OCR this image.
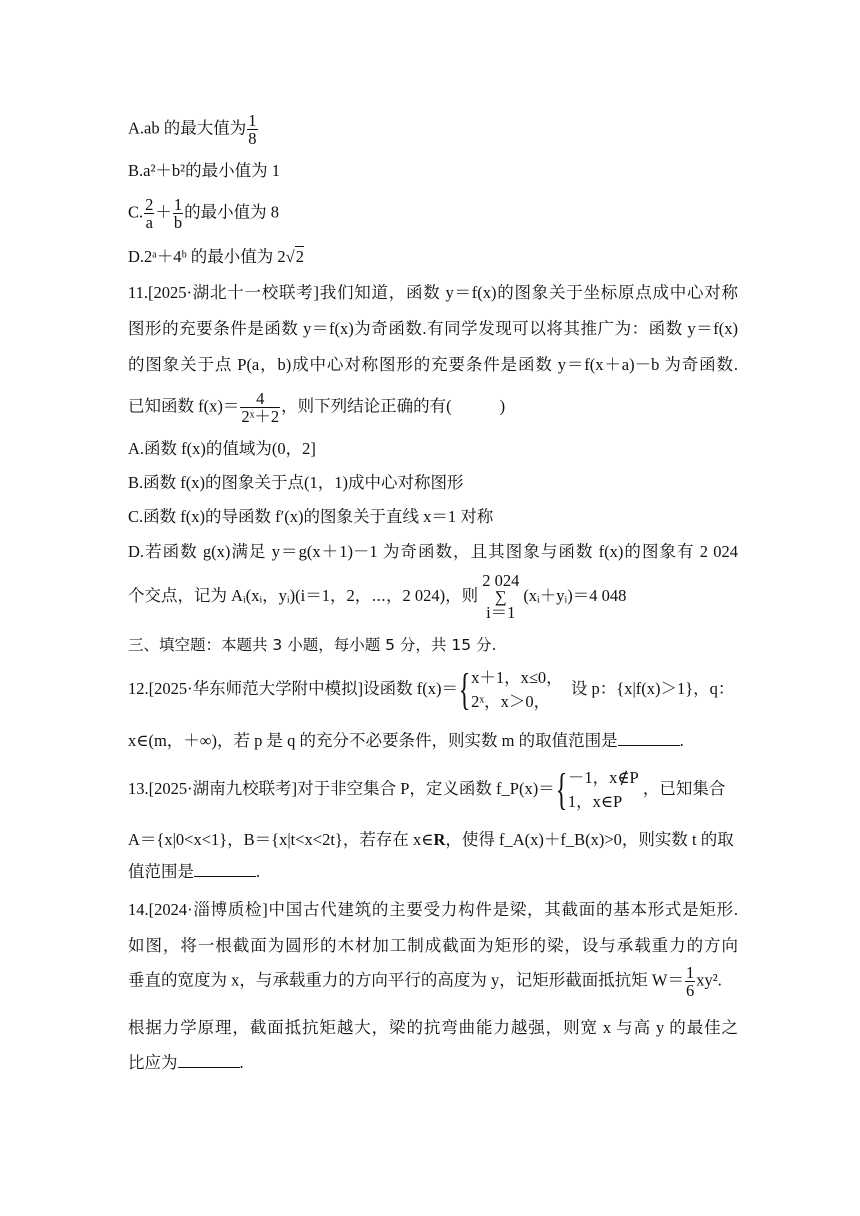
A.ab 的最大值为 $\frac{1}{8}$
B.a²＋b²的最小值为 1
C. $\frac{2}{a} + \frac{1}{b}$ 的最小值为 8
D.2ᵃ＋4ᵇ 的最小值为 2√2
11.[2025·湖北十一校联考]我们知道，函数 y＝f(x)的图象关于坐标原点成中心对称
图形的充要条件是函数 y＝f(x)为奇函数.有同学发现可以将其推广为：函数 y＝f(x)
的图象关于点 P(a，b)成中心对称图形的充要条件是函数 y＝f(x＋a)－b 为奇函数.
已知函数 $f(x)= \frac{4}{\text{2ˣ＋2}}$ ，则下列结论正确的有(	)
A.函数 f(x)的值域为(0，2]
B.函数 f(x)的图象关于点(1，1)成中心对称图形
C.函数 f(x)的导函数 f′(x)的图象关于直线 x＝1 对称
D.若函数 g(x)满足 y＝g(x＋1)－1 为奇函数，且其图象与函数 f(x)的图象有 2 024
个交点，记为 Aᵢ(xᵢ，yᵢ)(i＝1，2，⋯，2 024)，则
2 024
∑
i＝1
(xᵢ＋yᵢ)＝4 048
三、填空题：本题共 3 小题，每小题 5 分，共 15 分.
12.[2025·华东师范大学附中模拟]设函数 f(x)＝{ x＋1，x≤0，
2ˣ，x＞0，
设 p：{x|f(x)＞1}，q：
x∈(m，＋∞)，若 p 是 q 的充分不必要条件，则实数 m 的取值范围是	.
13.[2025·湖南九校联考]对于非空集合 P，定义函数 f_P(x)＝{ －1，x∉P
1，x∈P
，已知集合
A＝{x|0<x<1}，B＝{x|t<x<2t}，若存在 x∈R，使得 f_A(x)＋f_B(x)>0，则实数 t 的取
值范围是	.
14.[2024·淄博质检]中国古代建筑的主要受力构件是梁，其截面的基本形式是矩形.
如图，将一根截面为圆形的木材加工制成截面为矩形的梁，设与承载重力的方向
垂直的宽度为 x，与承载重力的方向平行的高度为 y，记矩形截面抵抗矩 $W= \frac{1}{6} xy^2$.
根据力学原理，截面抵抗矩越大，梁的抗弯曲能力越强，则宽 x 与高 y 的最佳之
比应为	.
